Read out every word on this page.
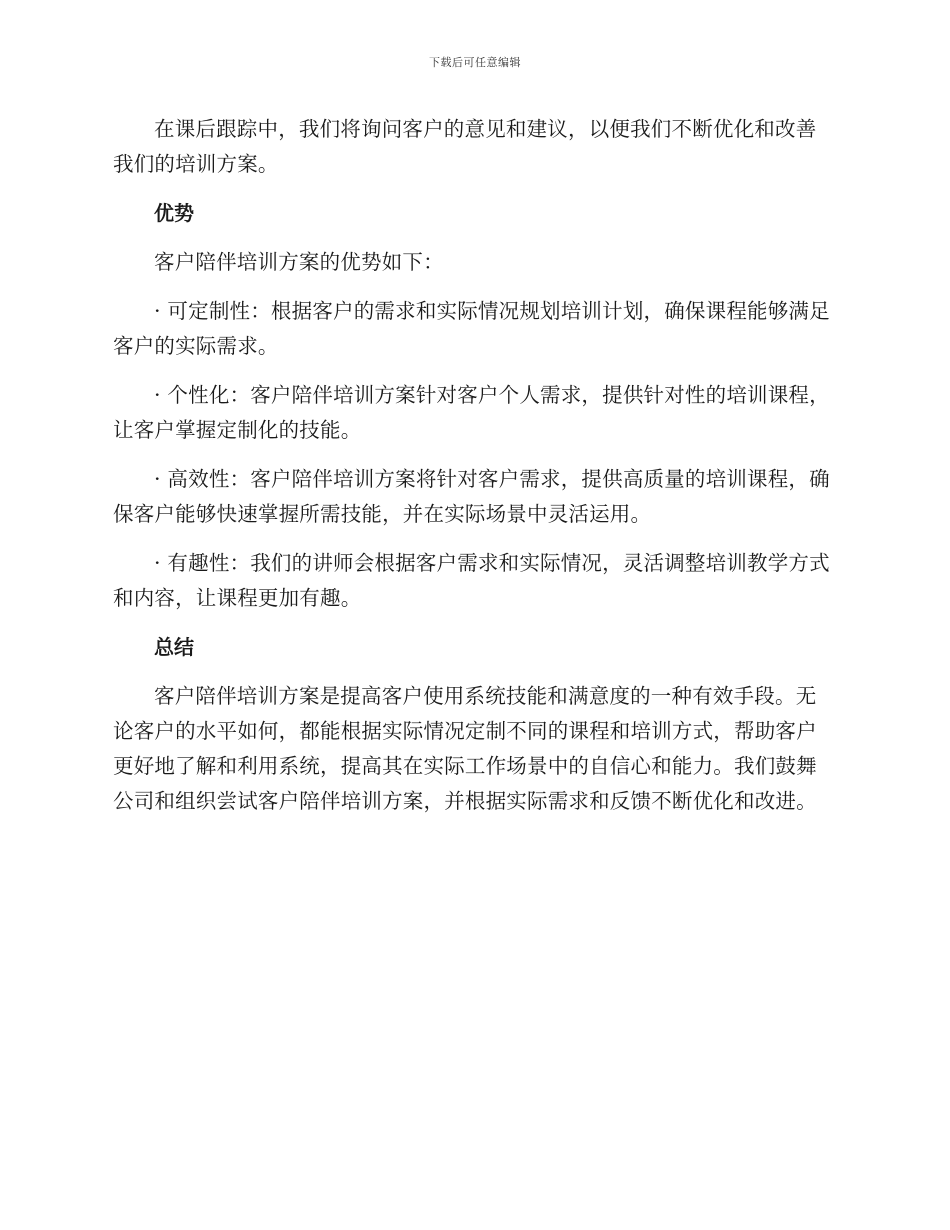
下载后可任意编辑

在课后跟踪中，我们将询问客户的意见和建议，以便我们不断优化和改善我们的培训方案。

优势

客户陪伴培训方案的优势如下：

· 可定制性：根据客户的需求和实际情况规划培训计划，确保课程能够满足客户的实际需求。

· 个性化：客户陪伴培训方案针对客户个人需求，提供针对性的培训课程，让客户掌握定制化的技能。

· 高效性：客户陪伴培训方案将针对客户需求，提供高质量的培训课程，确保客户能够快速掌握所需技能，并在实际场景中灵活运用。

· 有趣性：我们的讲师会根据客户需求和实际情况，灵活调整培训教学方式和内容，让课程更加有趣。

总结

客户陪伴培训方案是提高客户使用系统技能和满意度的一种有效手段。无论客户的水平如何，都能根据实际情况定制不同的课程和培训方式，帮助客户更好地了解和利用系统，提高其在实际工作场景中的自信心和能力。我们鼓舞公司和组织尝试客户陪伴培训方案，并根据实际需求和反馈不断优化和改进。
